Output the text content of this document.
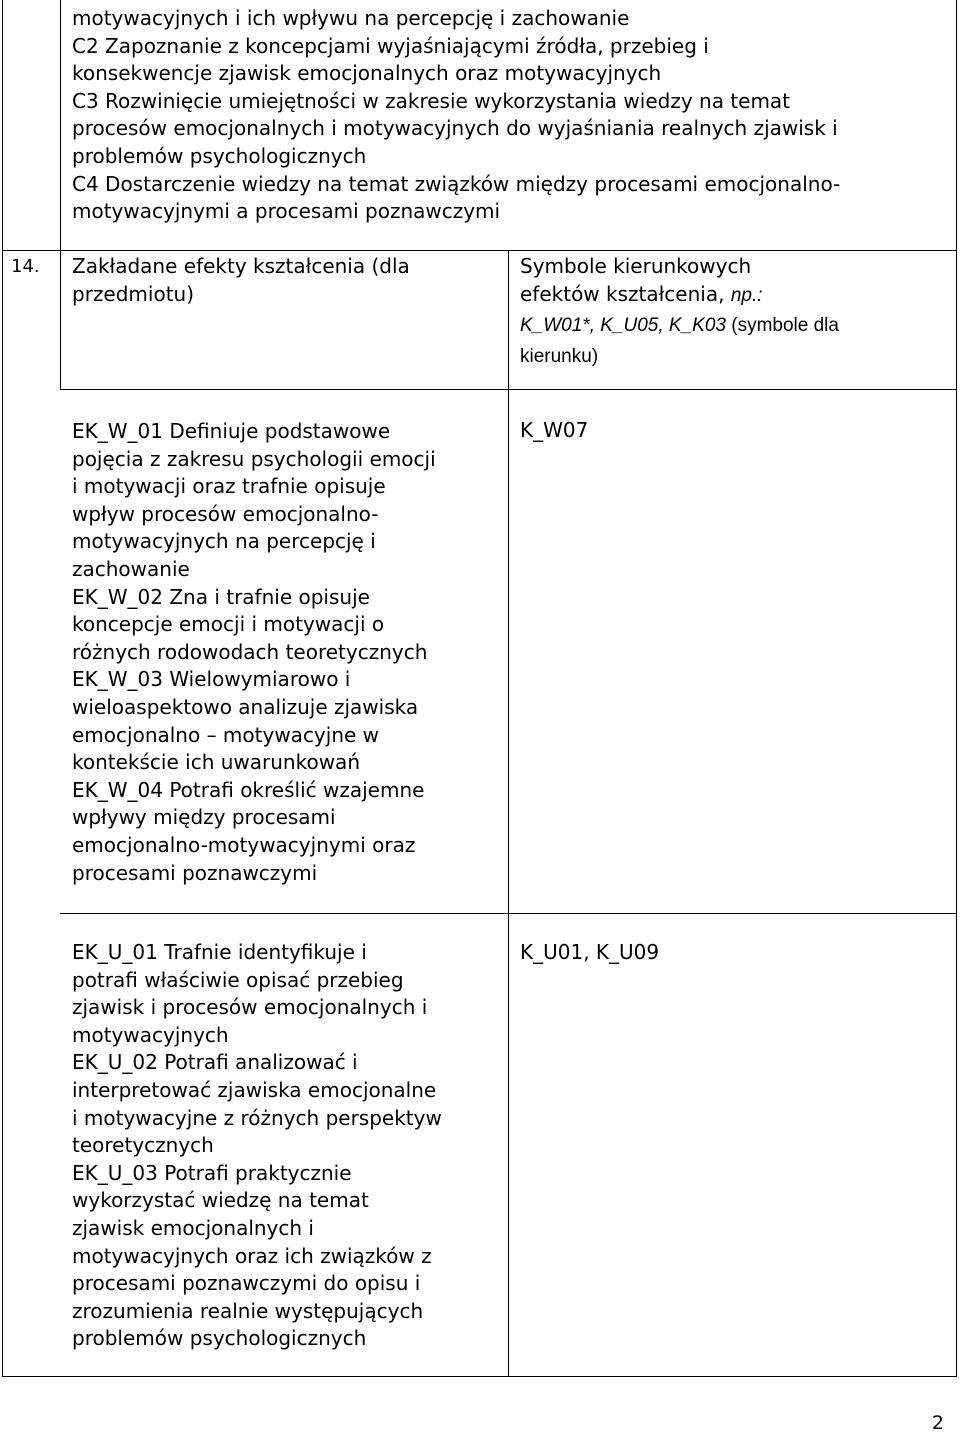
motywacyjnych i ich wpływu na percepcję i zachowanie
C2 Zapoznanie z koncepcjami wyjaśniającymi źródła, przebieg i
konsekwencje zjawisk emocjonalnych oraz motywacyjnych
C3 Rozwinięcie umiejętności w zakresie wykorzystania wiedzy na temat
procesów emocjonalnych i motywacyjnych do wyjaśniania realnych zjawisk i
problemów psychologicznych
C4 Dostarczenie wiedzy na temat związków między procesami emocjonalno-
motywacyjnymi a procesami poznawczymi
14. Zakładane efekty kształcenia (dla
przedmiotu)
Symbole kierunkowych
efektów kształcenia, np.:
K_W01*, K_U05, K_K03 (symbole dla
kierunku)
EK_W_01 Definiuje podstawowe
pojęcia z zakresu psychologii emocji
i motywacji oraz trafnie opisuje
wpływ procesów emocjonalno-
motywacyjnych na percepcję i
zachowanie
EK_W_02 Zna i trafnie opisuje
koncepcje emocji i motywacji o
różnych rodowodach teoretycznych
EK_W_03 Wielowymiarowo i
wieloaspektowo analizuje zjawiska
emocjonalno – motywacyjne w
kontekście ich uwarunkowań
EK_W_04 Potrafi określić wzajemne
wpływy między procesami
emocjonalno-motywacyjnymi oraz
procesami poznawczymi
K_W07
EK_U_01 Trafnie identyfikuje i
potrafi właściwie opisać przebieg
zjawisk i procesów emocjonalnych i
motywacyjnych
EK_U_02 Potrafi analizować i
interpretować zjawiska emocjonalne
i motywacyjne z różnych perspektyw
teoretycznych
EK_U_03 Potrafi praktycznie
wykorzystać wiedzę na temat
zjawisk emocjonalnych i
motywacyjnych oraz ich związków z
procesami poznawczymi do opisu i
zrozumienia realnie występujących
problemów psychologicznych
K_U01, K_U09
2
